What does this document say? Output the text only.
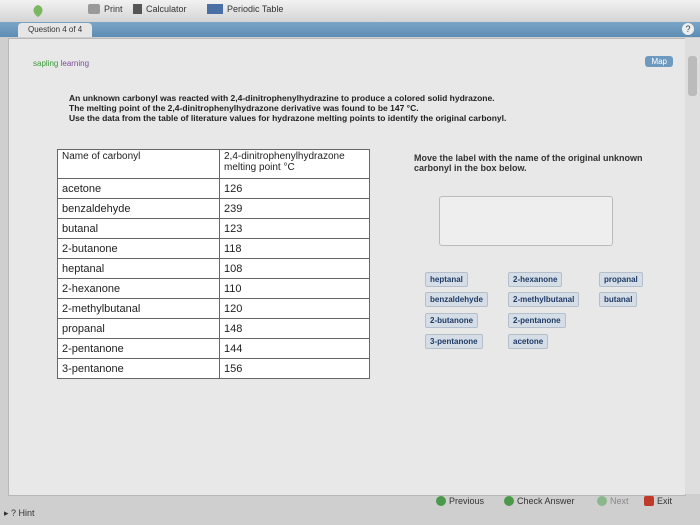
Print	Calculator	Periodic Table
Question 4 of 4	?
sapling learning	Map
An unknown carbonyl was reacted with 2,4-dinitrophenylhydrazine to produce a colored solid hydrazone.
The melting point of the 2,4-dinitrophenylhydrazone derivative was found to be 147 °C.
Use the data from the table of literature values for hydrazone melting points to identify the original carbonyl.
Name of carbonyl	2,4-dinitrophenylhydrazone melting point °C
acetone	126
benzaldehyde	239
butanal	123
2-butanone	118
heptanal	108
2-hexanone	110
2-methylbutanal	120
propanal	148
2-pentanone	144
3-pentanone	156
Move the label with the name of the original unknown carbonyl in the box below.
heptanal	2-hexanone	propanal
benzaldehyde	2-methylbutanal	butanal
2-butanone	2-pentanone
3-pentanone	acetone
▸ ? Hint
Previous	Check Answer	Next	Exit
